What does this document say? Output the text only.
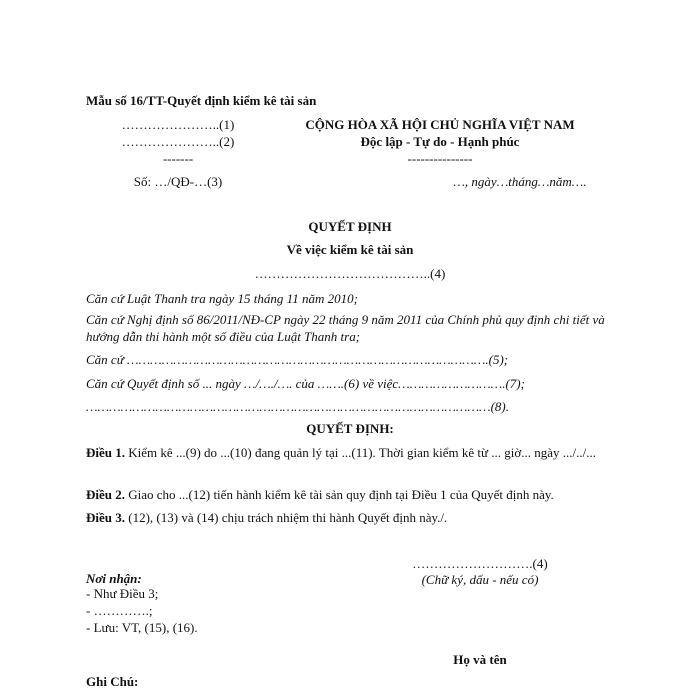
Mẫu số 16/TT-Quyết định kiểm kê tài sản
…………………..(1)
…………………..(2)
-------
Số: …/QĐ-…(3)
CỘNG HÒA XÃ HỘI CHỦ NGHĨA VIỆT NAM
Độc lập - Tự do - Hạnh phúc
---------------
…, ngày…tháng…năm….
QUYẾT ĐỊNH
Về việc kiểm kê tài sản
…………………………………..(4)
Căn cứ Luật Thanh tra ngày 15 tháng 11 năm 2010;
Căn cứ Nghị định số 86/2011/NĐ-CP ngày 22 tháng 9 năm 2011 của Chính phủ quy định chi tiết và hướng dẫn thi hành một số điều của Luật Thanh tra;
Căn cứ ………………………………………………………………………………….(5);
Căn cứ Quyết định số ... ngày …/…./…. của …….(6) về việc……………………….(7);
……………………………………………………………………………………………(8).
QUYẾT ĐỊNH:
Điều 1. Kiểm kê ...(9) do ...(10) đang quản lý tại ...(11). Thời gian kiểm kê từ ... giờ... ngày .../../...
Điều 2. Giao cho ...(12) tiến hành kiểm kê tài sản quy định tại Điều 1 của Quyết định này.
Điều 3. (12), (13) và (14) chịu trách nhiệm thi hành Quyết định này./.
……………………….(4)
(Chữ ký, dấu - nếu có)
Họ và tên
Nơi nhận:
- Như Điều 3;
- ………….;
- Lưu: VT, (15), (16).
Ghi Chú:
